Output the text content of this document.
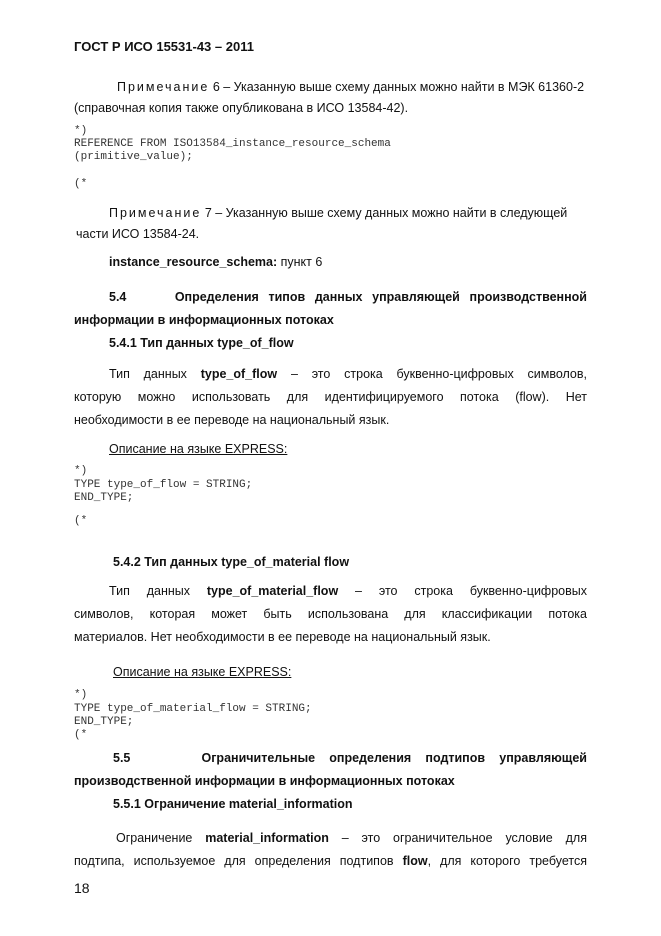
ГОСТ Р ИСО 15531-43 – 2011
Примечание 6 – Указанную выше схему данных можно найти в МЭК 61360-2
(справочная копия также опубликована в ИСО 13584-42).
*)
REFERENCE FROM ISO13584_instance_resource_schema
(primitive_value);
(*
Примечание 7 – Указанную выше схему данных можно найти в следующей
части ИСО 13584-24.
instance_resource_schema: пункт 6
5.4	Определения типов данных управляющей производственной
информации в информационных потоках
5.4.1 Тип данных type_of_flow
Тип данных type_of_flow – это строка буквенно-цифровых символов,
которую можно использовать для идентифицируемого потока (flow). Нет
необходимости в ее переводе на национальный язык.
Описание на языке EXPRESS:
*)
TYPE type_of_flow = STRING;
END_TYPE;
(*
5.4.2 Тип данных type_of_material flow
Тип данных type_of_material_flow – это строка буквенно-цифровых
символов, которая может быть использована для классификации потока
материалов. Нет необходимости в ее переводе на национальный язык.
Описание на языке EXPRESS:
*)
TYPE type_of_material_flow = STRING;
END_TYPE;
(*
5.5	Ограничительные определения подтипов управляющей
производственной информации в информационных потоках
5.5.1 Ограничение material_information
Ограничение material_information – это ограничительное условие для
подтипа, используемое для определения подтипов flow, для которого требуется
18
